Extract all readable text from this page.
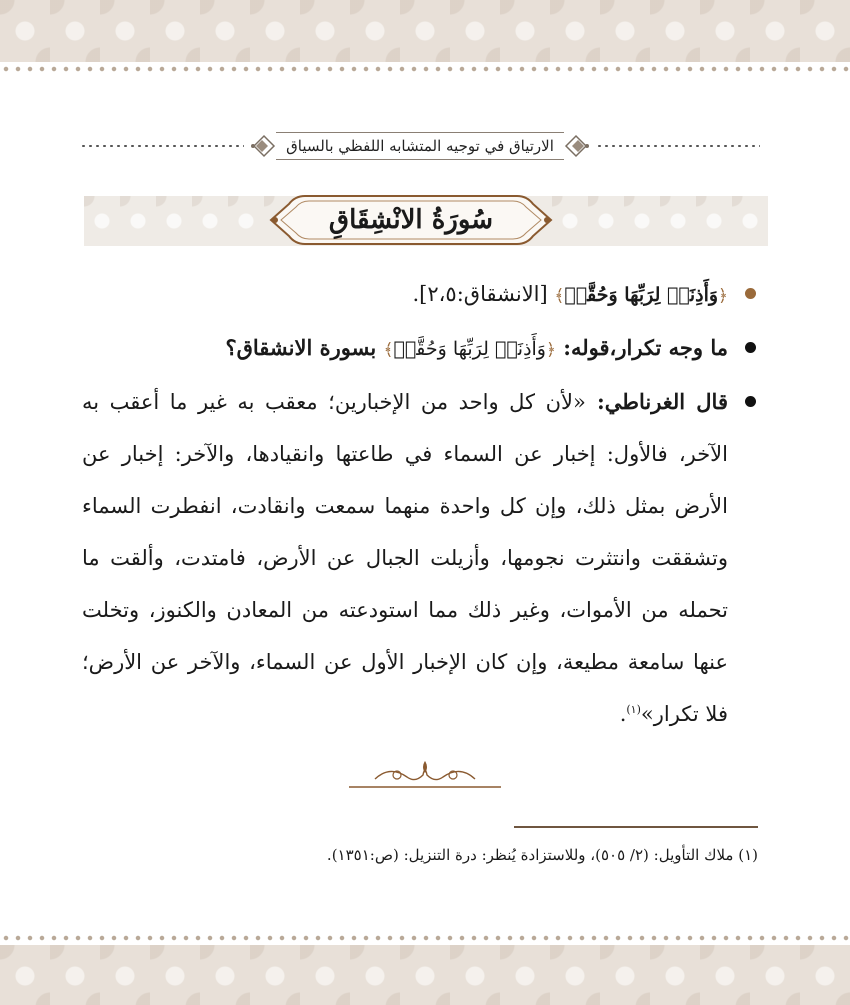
الارتياق في توجيه المتشابه اللفظي بالسياق
سُورَةُ الانْشِقَاقِ
﴿وَأَذِنَتۡ لِرَبِّهَا وَحُقَّتۡ﴾ [الانشقاق:٢،٥].
ما وجه تكرار،قوله: ﴿وَأَذِنَتۡ لِرَبِّهَا وَحُقَّتۡ﴾ بسورة الانشقاق؟
قال الغرناطي: «لأن كل واحد من الإخبارين؛ معقب به غير ما أعقب به الآخر، فالأول: إخبار عن السماء في طاعتها وانقيادها، والآخر: إخبار عن الأرض بمثل ذلك، وإن كل واحدة منهما سمعت وانقادت، انفطرت السماء وتشققت وانتثرت نجومها، وأزيلت الجبال عن الأرض، فامتدت، وألقت ما تحمله من الأموات، وغير ذلك مما استودعته من المعادن والكنوز، وتخلت عنها سامعة مطيعة، وإن كان الإخبار الأول عن السماء، والآخر عن الأرض؛ فلا تكرار»$^{(١)}$.
(١) ملاك التأويل: (٢/ ٥٠٥)، وللاستزادة يُنظر: درة التنزيل: (ص:١٣٥١).
